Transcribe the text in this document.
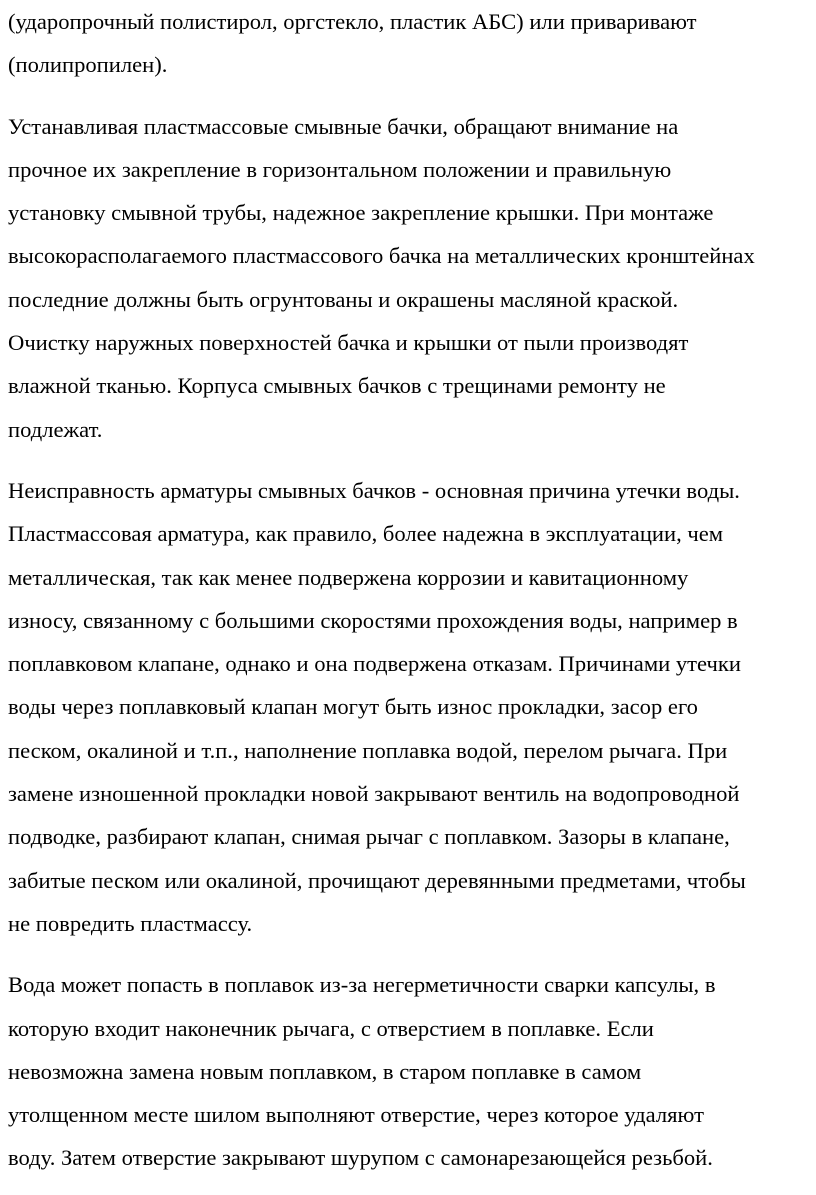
(ударопрочный полистирол, оргстекло, пластик АБС) или приваривают
(полипропилен).

Устанавливая пластмассовые смывные бачки, обращают внимание на
прочное их закрепление в горизонтальном положении и правильную
установку смывной трубы, надежное закрепление крышки. При монтаже
высокорасполагаемого пластмассового бачка на металлических кронштейнах
последние должны быть огрунтованы и окрашены масляной краской.
Очистку наружных поверхностей бачка и крышки от пыли производят
влажной тканью. Корпуса смывных бачков с трещинами ремонту не
подлежат.

Неисправность арматуры смывных бачков - основная причина утечки воды.
Пластмассовая арматура, как правило, более надежна в эксплуатации, чем
металлическая, так как менее подвержена коррозии и кавитационному
износу, связанному с большими скоростями прохождения воды, например в
поплавковом клапане, однако и она подвержена отказам. Причинами утечки
воды через поплавковый клапан могут быть износ прокладки, засор его
песком, окалиной и т.п., наполнение поплавка водой, перелом рычага. При
замене изношенной прокладки новой закрывают вентиль на водопроводной
подводке, разбирают клапан, снимая рычаг с поплавком. Зазоры в клапане,
забитые песком или окалиной, прочищают деревянными предметами, чтобы
не повредить пластмассу.

Вода может попасть в поплавок из-за негерметичности сварки капсулы, в
которую входит наконечник рычага, с отверстием в поплавке. Если
невозможна замена новым поплавком, в старом поплавке в самом
утолщенном месте шилом выполняют отверстие, через которое удаляют
воду. Затем отверстие закрывают шурупом с самонарезающейся резьбой.
